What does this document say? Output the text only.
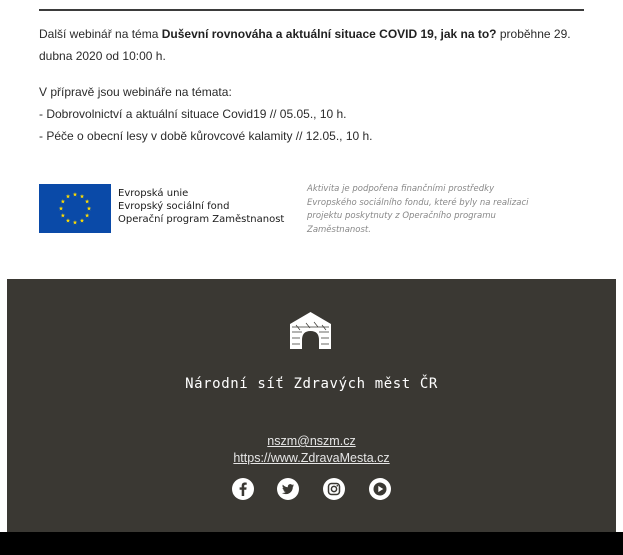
Další webinář na téma Duševní rovnováha a aktuální situace COVID 19, jak na to? proběhne 29. dubna 2020 od 10:00 h.

V přípravě jsou webináře na témata:

- Dobrovolnictví a aktuální situace Covid19 // 05.05., 10 h.

- Péče o obecní lesy v době kůrovcové kalamity // 12.05., 10 h.

Evropská unie
Evropský sociální fond
Operační program Zaměstnanost
Aktivita je podpořena finančními prostředky
Evropského sociálního fondu, které byly na realizaci
projektu poskytnuty z Operačního programu
Zaměstnanost.
Národní síť Zdravých měst ČR
nszm@nszm.cz
https://www.ZdravaMesta.cz
